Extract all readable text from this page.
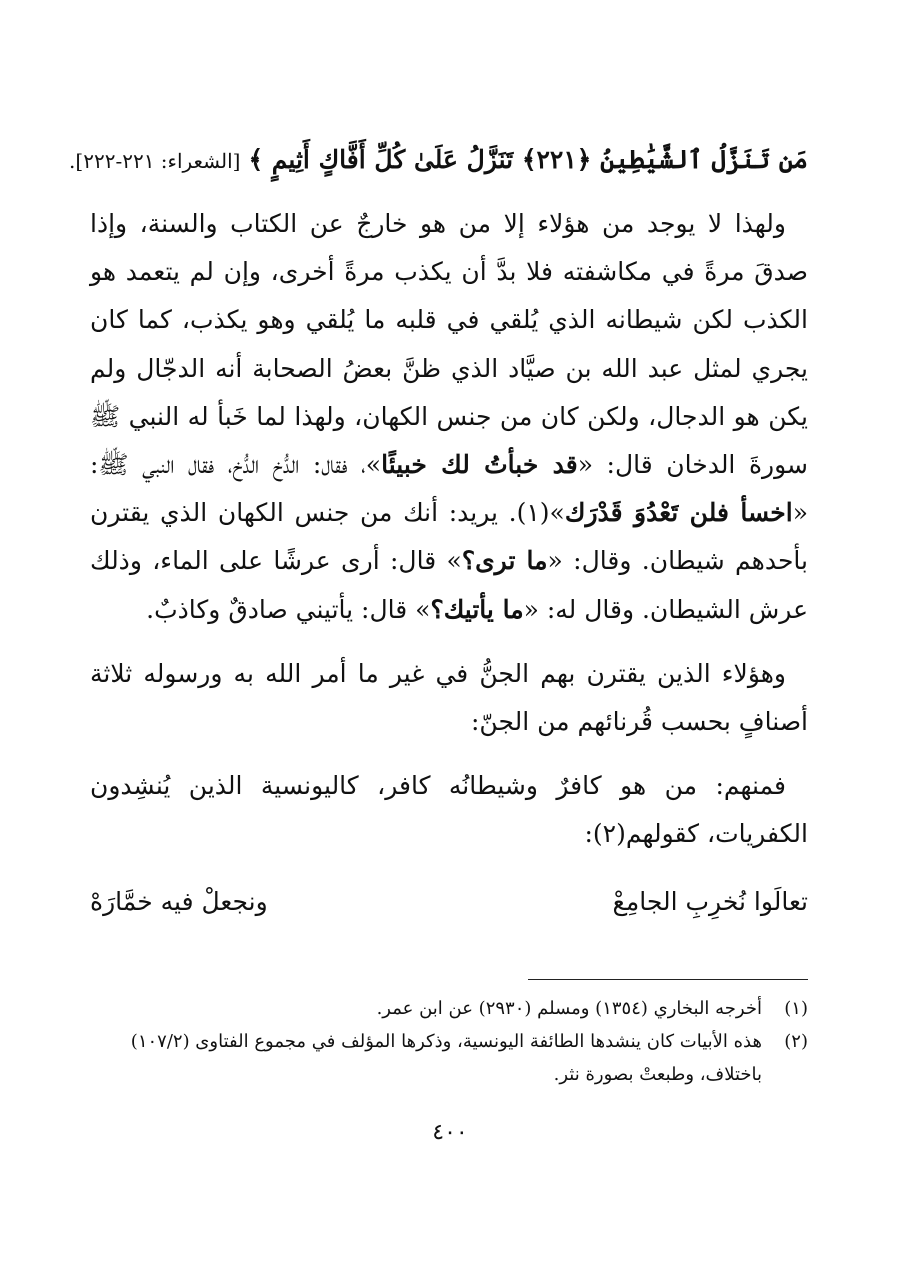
مَن تَنَزَّلُ ٱلشَّيَٰطِينُ ﴿٢٢١﴾ تَنَزَّلُ عَلَىٰ كُلِّ أَفَّاكٍ أَثِيمٍ ﴾ [الشعراء: ٢٢١-٢٢٢].

ولهذا لا يوجد من هؤلاء إلا من هو خارجٌ عن الكتاب والسنة، وإذا صدقَ مرةً في مكاشفته فلا بدَّ أن يكذب مرةً أخرى، وإن لم يتعمد هو الكذب لكن شيطانه الذي يُلقي في قلبه ما يُلقي وهو يكذب، كما كان يجري لمثل عبد الله بن صيَّاد الذي ظنَّ بعضُ الصحابة أنه الدجّال ولم يكن هو الدجال، ولكن كان من جنس الكهان، ولهذا لما خَبأ له النبي ﷺ سورةَ الدخان قال: «قد خبأتُ لك خبيئًا»، فقال: الدُّخ الدُّخ، فقال النبي ﷺ: «اخسأ فلن تَعْدُوَ قَدْرَك»(١). يريد: أنك من جنس الكهان الذي يقترن بأحدهم شيطان. وقال: «ما ترى؟» قال: أرى عرشًا على الماء، وذلك عرش الشيطان. وقال له: «ما يأتيك؟» قال: يأتيني صادقٌ وكاذبٌ.

وهؤلاء الذين يقترن بهم الجنُّ في غير ما أمر الله به ورسوله ثلاثة أصنافٍ بحسب قُرنائهم من الجنّ:

فمنهم: من هو كافرٌ وشيطانُه كافر، كاليونسية الذين يُنشِدون الكفريات، كقولهم(٢):

تعالَوا نُخرِبِ الجامِعْ
ونجعلْ فيه خمَّارَهْ
(١)
أخرجه البخاري (١٣٥٤) ومسلم (٢٩٣٠) عن ابن عمر.
(٢)
هذه الأبيات كان ينشدها الطائفة اليونسية، وذكرها المؤلف في مجموع الفتاوى (١٠٧/٢) باختلاف، وطبعتْ بصورة نثر.
٤٠٠
